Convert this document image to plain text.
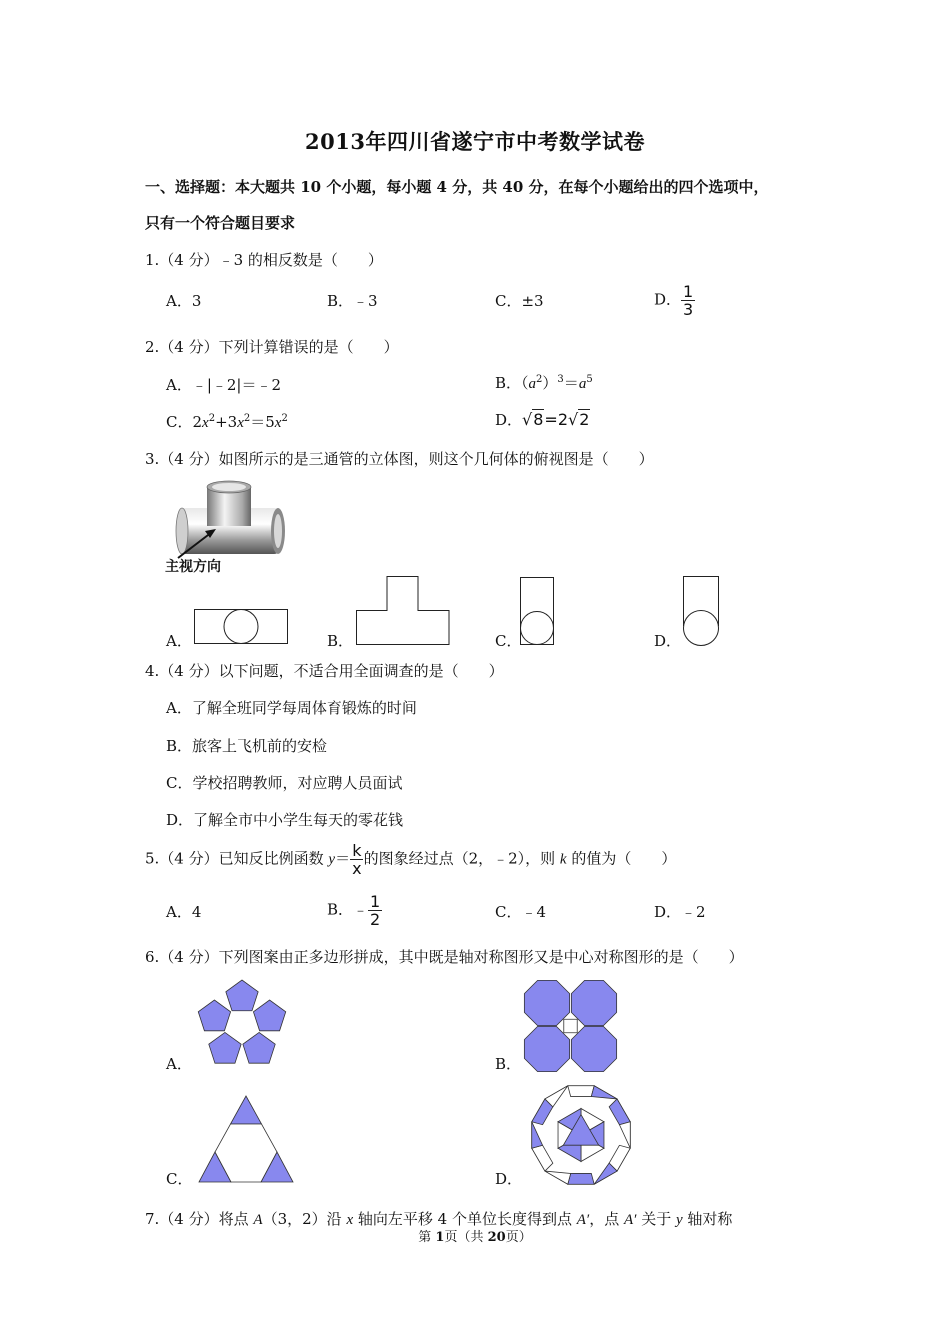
2013年四川省遂宁市中考数学试卷
一、选择题：本大题共 10 个小题，每小题 4 分，共 40 分，在每个小题给出的四个选项中，
只有一个符合题目要求
1.（4 分）﹣3 的相反数是（　　）
A．3	B．﹣3	C．±3	D． $\frac{1}{3}$
2.（4 分）下列计算错误的是（　　）
A．﹣|﹣2|＝﹣2	B．$(a^2)^3=a^5$
C．$2x^2+3x^2=5x^2$	D．√8=2√2
3.（4 分）如图所示的是三通管的立体图，则这个几何体的俯视图是（　　）
主视方向
A．	B．	C．	D．
4.（4 分）以下问题，不适合用全面调查的是（　　）
A．了解全班同学每周体育锻炼的时间
B．旅客上飞机前的安检
C．学校招聘教师，对应聘人员面试
D．了解全市中小学生每天的零花钱
5.（4 分）已知反比例函数 $y= \frac{k}{x}$ 的图象经过点（2，﹣2），则 k 的值为（　　）
A．4	B．﹣ $\frac{1}{2}$	C．﹣4	D．﹣2
6.（4 分）下列图案由正多边形拼成，其中既是轴对称图形又是中心对称图形的是（　　）
A．	B．
C．	D．
7.（4 分）将点 A（3，2）沿 x 轴向左平移 4 个单位长度得到点 A′，点 A′ 关于 y 轴对称
第 1页（共 20页）
